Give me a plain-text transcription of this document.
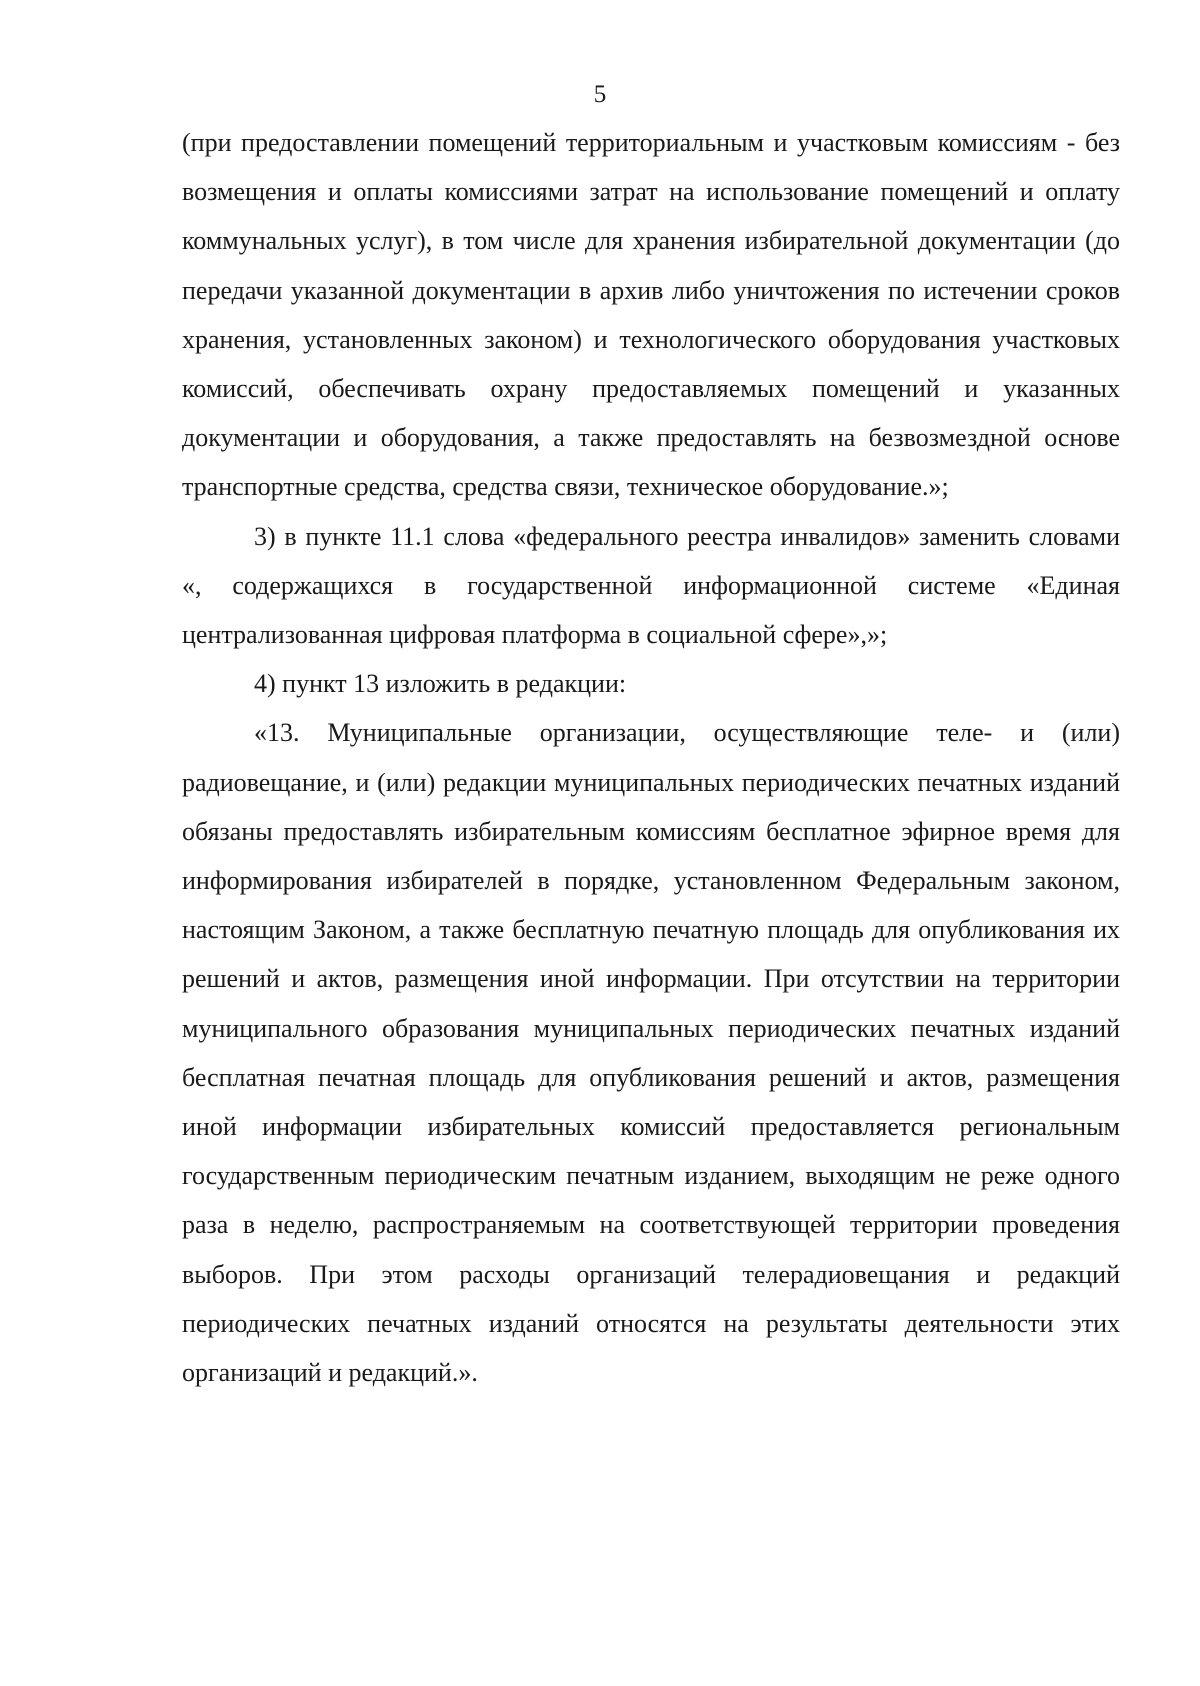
5

(при предоставлении помещений территориальным и участковым комиссиям - без возмещения и оплаты комиссиями затрат на использование помещений и оплату коммунальных услуг), в том числе для хранения избирательной документации (до передачи указанной документации в архив либо уничтожения по истечении сроков хранения, установленных законом) и технологического оборудования участковых комиссий, обеспечивать охрану предоставляемых помещений и указанных документации и оборудования, а также предоставлять на безвозмездной основе транспортные средства, средства связи, техническое оборудование.»;

3) в пункте 11.1 слова «федерального реестра инвалидов» заменить словами «, содержащихся в государственной информационной системе «Единая централизованная цифровая платформа в социальной сфере»,»;

4) пункт 13 изложить в редакции:

«13. Муниципальные организации, осуществляющие теле- и (или) радиовещание, и (или) редакции муниципальных периодических печатных изданий обязаны предоставлять избирательным комиссиям бесплатное эфирное время для информирования избирателей в порядке, установленном Федеральным законом, настоящим Законом, а также бесплатную печатную площадь для опубликования их решений и актов, размещения иной информации. При отсутствии на территории муниципального образования муниципальных периодических печатных изданий бесплатная печатная площадь для опубликования решений и актов, размещения иной информации избирательных комиссий предоставляется региональным государственным периодическим печатным изданием, выходящим не реже одного раза в неделю, распространяемым на соответствующей территории проведения выборов. При этом расходы организаций телерадиовещания и редакций периодических печатных изданий относятся на результаты деятельности этих организаций и редакций.».
